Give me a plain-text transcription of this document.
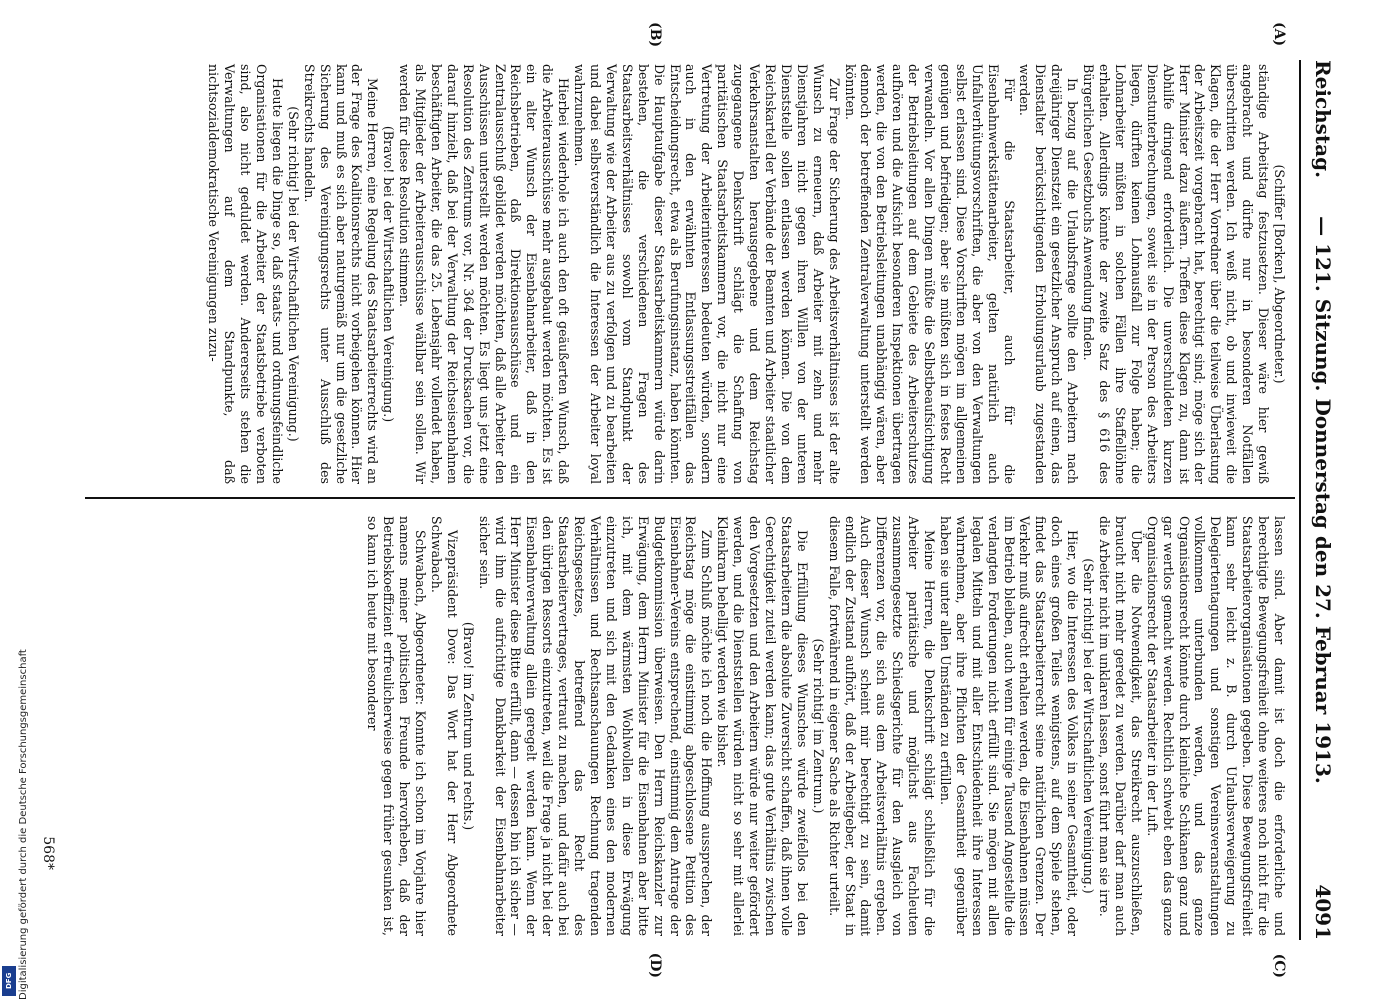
Reichstag.
— 121. Sitzung. Donnerstag den 27. Februar 1913.
4091
(A)
(B)
(C)
(D)

(Schiffer [Borken], Abgeordneter.)

ständige Arbeitstag festzusetzen. Dieser wäre hier gewiß angebracht und dürfte nur in besonderen Notfällen überschritten werden. Ich weiß nicht, ob und inwieweit die Klagen, die der Herr Vorredner über die teilweise Überlastung der Arbeitszeit vorgebracht hat, berechtigt sind; möge sich der Herr Minister dazu äußern. Treffen diese Klagen zu, dann ist Abhilfe dringend erforderlich. Die unverschuldeten kurzen Dienstunterbrechungen, soweit sie in der Person des Arbeiters liegen, dürften keinen Lohnausfall zur Folge haben; die Lohnarbeiter müßten in solchen Fällen ihre Staffellöhne erhalten. Allerdings könnte der zweite Satz des § 616 des Bürgerlichen Gesetzbuchs Anwendung finden.

In bezug auf die Urlaubsfrage sollte den Arbeitern nach dreijähriger Dienstzeit ein gesetzlicher Anspruch auf einen, das Dienstalter berücksichtigenden Erholungsurlaub zugestanden werden.

Für die Staatsarbeiter, auch für die Eisenbahnwerkstättenarbeiter, gelten natürlich auch Unfallverhütungsvorschriften, die aber von den Verwaltungen selbst erlassen sind. Diese Vorschriften mögen im allgemeinen genügen und befriedigen; aber sie müßten sich in festes Recht verwandeln. Vor allen Dingen müßte die Selbstbeaufsichtigung der Betriebsleitungen auf dem Gebiete des Arbeiterschutzes aufhören und die Aufsicht besonderen Inspektionen übertragen werden, die von den Betriebsleitungen unabhängig wären, aber dennoch der betreffenden Zentralverwaltung unterstellt werden könnten.

Zur Frage der Sicherung des Arbeitsverhältnisses ist der alte Wunsch zu erneuern, daß Arbeiter mit zehn und mehr Dienstjahren nicht gegen ihren Willen von der unteren Dienststelle sollen entlassen werden können. Die von dem Reichskartell der Verbände der Beamten und Arbeiter staatlicher Verkehrsanstalten herausgegebene und dem Reichstag zugegangene Denkschrift schlägt die Schaffung von paritätischen Staatsarbeitskammern vor, die nicht nur eine Vertretung der Arbeiterinteressen bedeuten würden, sondern auch in den erwähnten Entlassungsstreitfällen das Entscheidungsrecht, etwa als Berufungsinstanz, haben könnten. Die Hauptaufgabe dieser Staatsarbeitskammern würde darin bestehen, die verschiedenen Fragen des Staatsarbeitsverhältnisses sowohl vom Standpunkt der Verwaltung wie der Arbeiter aus zu verfolgen und zu bearbeiten und dabei selbstverständlich die Interessen der Arbeiter loyal wahrzunehmen.

Hierbei wiederhole ich auch den oft geäußerten Wunsch, daß die Arbeiterausschüsse mehr ausgebaut werden möchten. Es ist ein alter Wunsch der Eisenbahnarbeiter, daß in den Reichsbetrieben, daß Direktionsausschüsse und ein Zentralausschuß gebildet werden möchten, daß alle Arbeiter den Ausschüssen unterstellt werden möchten. Es liegt uns jetzt eine Resolution des Zentrums vor, Nr. 364 der Drucksachen vor, die darauf hinzielt, daß bei der Verwaltung der Reichseisenbahnen beschäftigten Arbeiter, die das 25. Lebensjahr vollendet haben, als Mitglieder der Arbeiterausschüsse wählbar sein sollen. Wir werden für diese Resolution stimmen.

(Bravo! bei der Wirtschaftlichen Vereinigung.)

Meine Herren, eine Regelung des Staatsarbeiterrechts wird an der Frage des Koalitionsrechts nicht vorbeigehen können. Hier kann und muß es sich aber naturgemäß nur um die gesetzliche Sicherung des Vereinigungsrechts unter Ausschluß des Streikrechts handeln.

(Sehr richtig! bei der Wirtschaftlichen Vereinigung.)

Heute liegen die Dinge so, daß staats- und ordnungsfeindliche Organisationen für die Arbeiter der Staatsbetriebe verboten sind, also nicht geduldet werden. Andererseits stehen die Verwaltungen auf dem Standpunkte, daß nichtsozialdemokratische Vereinigungen zuzu-

lassen sind. Aber damit ist doch die erforderliche und berechtigte Bewegungsfreiheit ohne weiteres noch nicht für die Staatsarbeiterorganisationen gegeben. Diese Bewegungsfreiheit kann sehr leicht z. B. durch Urlaubsverweigerung zu Delegiertentagungen und sonstigen Vereinsveranstaltungen vollkommen unterbunden werden, und das ganze Organisationsrecht könnte durch kleinliche Schikanen ganz und gar wertlos gemacht werden. Rechtlich schwebt eben das ganze Organisationsrecht der Staatsarbeiter in der Luft.

Über die Notwendigkeit, das Streikrecht auszuschließen, braucht nicht mehr geredet zu werden. Darüber darf man auch die Arbeiter nicht im unklaren lassen, sonst führt man sie irre.

(Sehr richtig! bei der Wirtschaftlichen Vereinigung.)

Hier, wo die Interessen des Volkes in seiner Gesamtheit, oder doch eines großen Teiles wenigstens, auf dem Spiele stehen, findet das Staatsarbeiterrecht seine natürlichen Grenzen. Der Verkehr muß aufrecht erhalten werden, die Eisenbahnen müssen im Betrieb bleiben, auch wenn für einige Tausend Angestellte die verlangten Forderungen nicht erfüllt sind. Sie mögen mit allen legalen Mitteln und mit aller Entschiedenheit ihre Interessen wahrnehmen, aber ihre Pflichten der Gesamtheit gegenüber haben sie unter allen Umständen zu erfüllen.

Meine Herren, die Denkschrift schlägt schließlich für die Arbeiter paritätische und möglichst aus Fachleuten zusammengesetzte Schiedsgerichte für den Ausgleich von Differenzen vor, die sich aus dem Arbeitsverhältnis ergeben. Auch dieser Wunsch scheint mir berechtigt zu sein, damit endlich der Zustand aufhört, daß der Arbeitgeber, der Staat in diesem Falle, fortwährend in eigener Sache als Richter urteilt.

(Sehr richtig! im Zentrum.)

Die Erfüllung dieses Wunsches würde zweifellos bei den Staatsarbeitern die absolute Zuversicht schaffen, daß ihnen volle Gerechtigkeit zuteil werden kann; das gute Verhältnis zwischen den Vorgesetzten und den Arbeitern würde nur weiter gefördert werden, und die Dienststellen würden nicht so sehr mit allerlei Kleinkram behelligt werden wie bisher.

Zum Schluß möchte ich noch die Hoffnung aussprechen, der Reichstag möge die einstimmig abgeschlossene Petition des Eisenbahner-Vereins entsprechend, einstimmig dem Antrage der Budgetkommission überweisen. Den Herrn Reichskanzler zur Erwägung, dem Herrn Minister für die Eisenbahnen aber bitte ich, mit dem wärmsten Wohlwollen in diese Erwägung einzutreten und sich mit den Gedanken eines den modernen Verhältnissen und Rechtsanschauungen Rechnung tragenden Reichsgesetzes, betreffend das Recht des Staatsarbeitervertrages, vertraut zu machen, und dafür auch bei den übrigen Ressorts einzutreten, weil die Frage ja nicht bei der Eisenbahnverwaltung allein geregelt werden kann. Wenn der Herr Minister diese Bitte erfüllt, dann — dessen bin ich sicher — wird ihm die aufrichtige Dankbarkeit der Eisenbahnarbeiter sicher sein.

(Bravo! im Zentrum und rechts.)

Vizepräsident Dove: Das Wort hat der Herr Abgeordnete Schwabach.

Schwabach, Abgeordneter: Konnte ich schon im Vorjahre hier namens meiner politischen Freunde hervorheben, daß der Betriebskoeffizient erfreulicherweise gegen früher gesunken ist, so kann ich heute mit besonderer

568*
Digitalisierung gefördert durch die Deutsche Forschungsgemeinschaft
DFG
